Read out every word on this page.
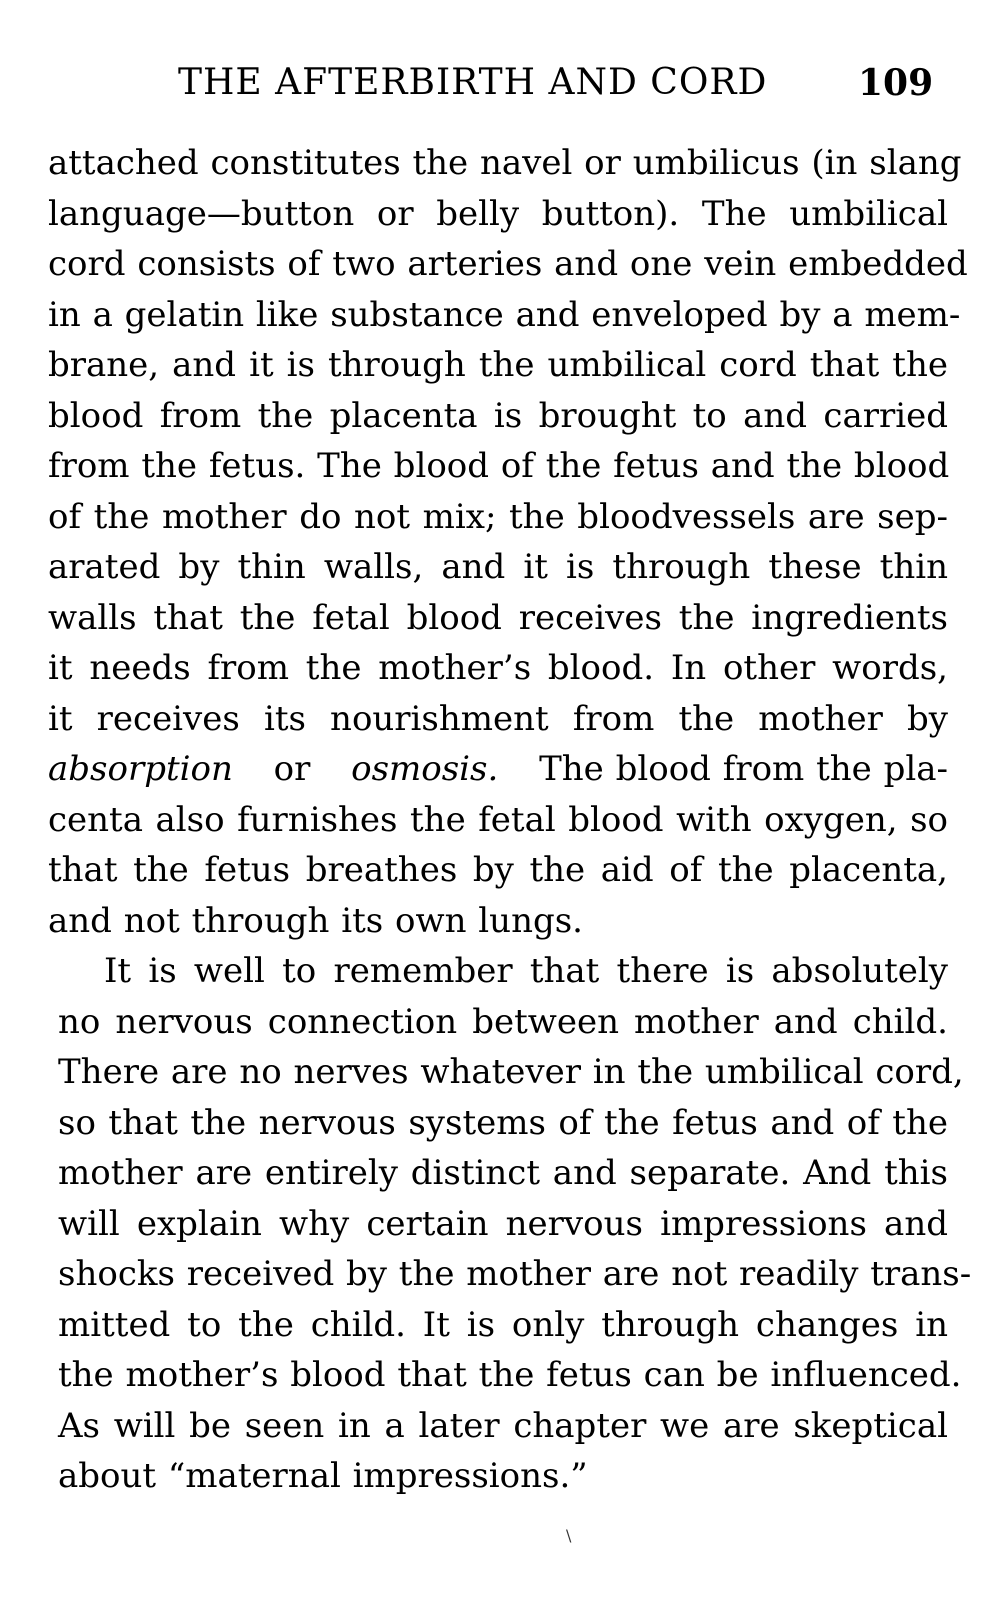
THE AFTERBIRTH AND CORD	109
attached constitutes the navel or umbilicus (in slang
language—button or belly button). The umbilical
cord consists of two arteries and one vein embedded
in a gelatin like substance and enveloped by a mem-
brane, and it is through the umbilical cord that the
blood from the placenta is brought to and carried
from the fetus. The blood of the fetus and the blood
of the mother do not mix; the bloodvessels are sep-
arated by thin walls, and it is through these thin
walls that the fetal blood receives the ingredients
it needs from the mother’s blood. In other words,
it receives its nourishment from the mother by
absorption or osmosis. The blood from the pla-
centa also furnishes the fetal blood with oxygen, so
that the fetus breathes by the aid of the placenta,
and not through its own lungs.
It is well to remember that there is absolutely
no nervous connection between mother and child.
There are no nerves whatever in the umbilical cord,
so that the nervous systems of the fetus and of the
mother are entirely distinct and separate. And this
will explain why certain nervous impressions and
shocks received by the mother are not readily trans-
mitted to the child. It is only through changes in
the mother’s blood that the fetus can be influenced.
As will be seen in a later chapter we are skeptical
about “maternal impressions.”
\
